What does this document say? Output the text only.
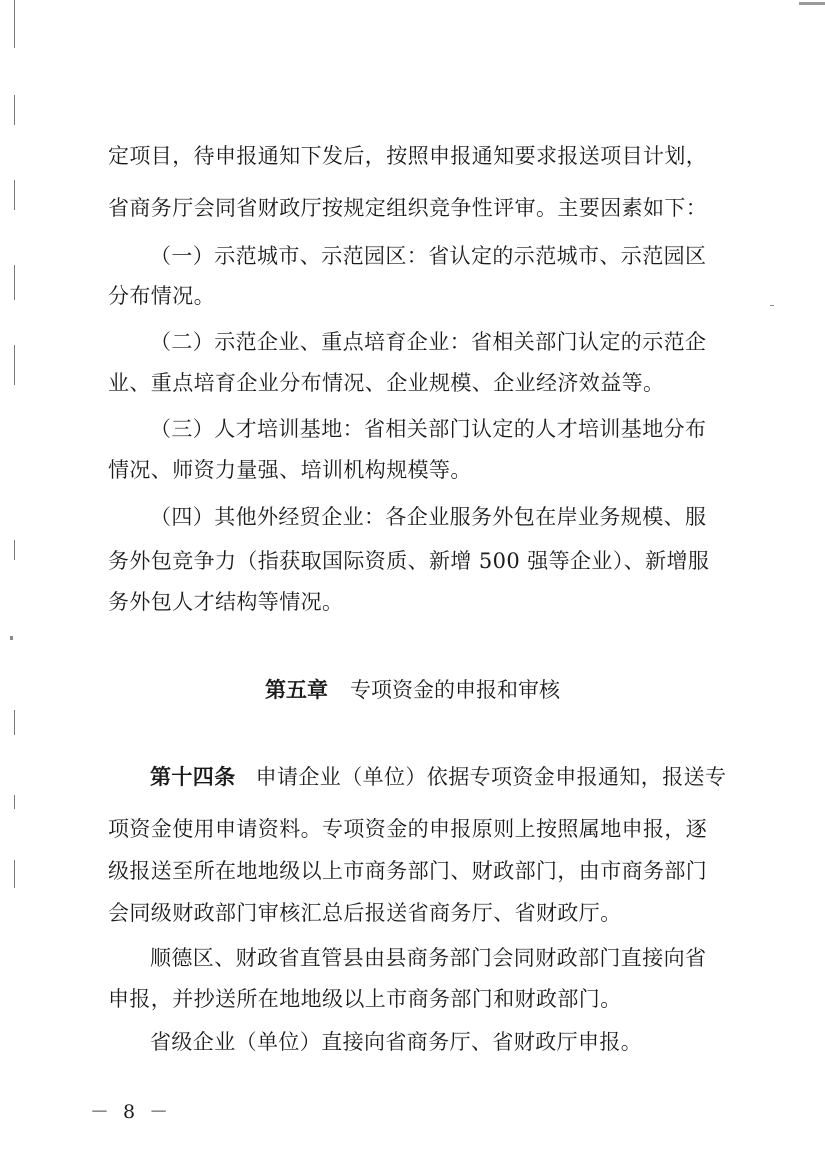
定项目，待申报通知下发后，按照申报通知要求报送项目计划，
省商务厅会同省财政厅按规定组织竞争性评审。主要因素如下：
（一）示范城市、示范园区：省认定的示范城市、示范园区
分布情况。
（二）示范企业、重点培育企业：省相关部门认定的示范企
业、重点培育企业分布情况、企业规模、企业经济效益等。
（三）人才培训基地：省相关部门认定的人才培训基地分布
情况、师资力量强、培训机构规模等。
（四）其他外经贸企业：各企业服务外包在岸业务规模、服
务外包竞争力（指获取国际资质、新增 500 强等企业）、新增服
务外包人才结构等情况。
第五章 专项资金的申报和审核
第十四条 申请企业（单位）依据专项资金申报通知，报送专
项资金使用申请资料。专项资金的申报原则上按照属地申报，逐
级报送至所在地地级以上市商务部门、财政部门，由市商务部门
会同级财政部门审核汇总后报送省商务厅、省财政厅。
顺德区、财政省直管县由县商务部门会同财政部门直接向省
申报，并抄送所在地地级以上市商务部门和财政部门。
省级企业（单位）直接向省商务厅、省财政厅申报。
－ 8 －
